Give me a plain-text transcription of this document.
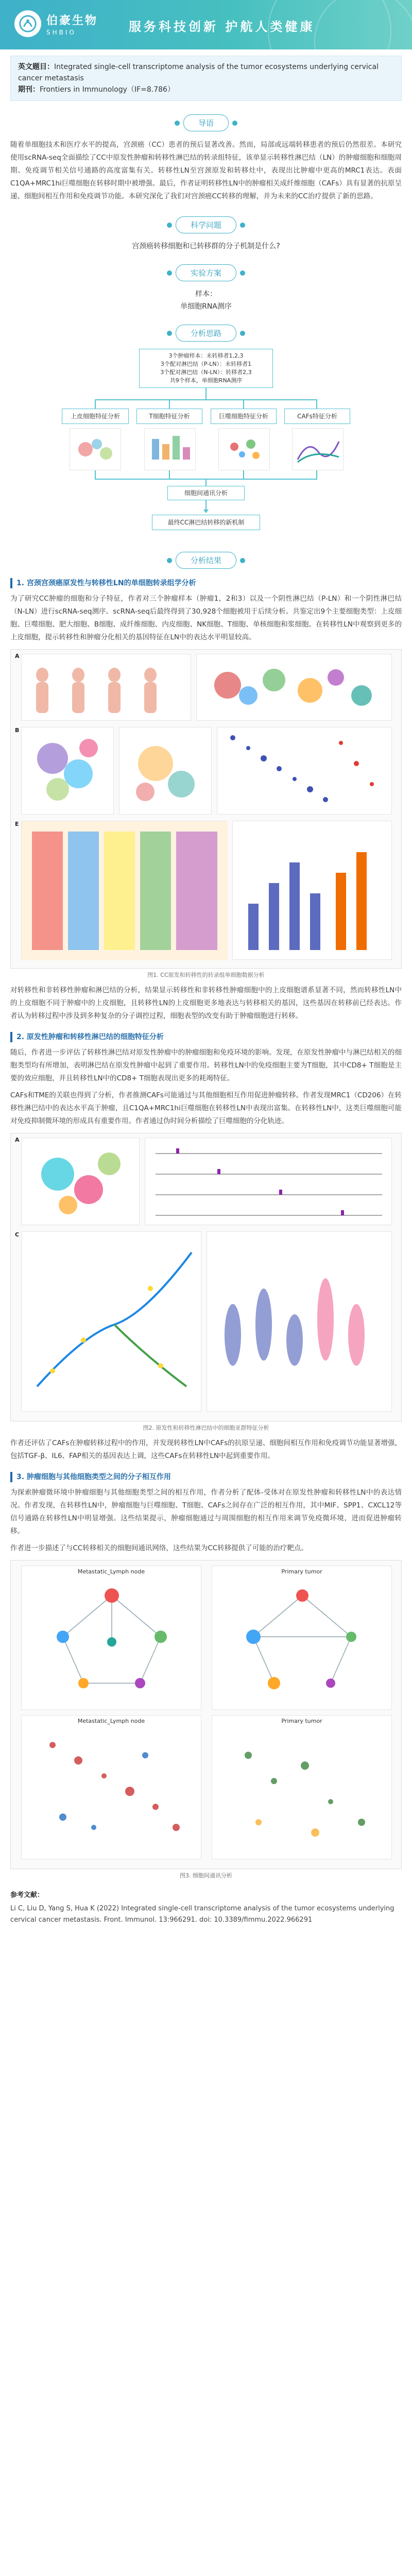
伯豪生物
SHBIO	服务科技创新 护航人类健康
英文题目：Integrated single-cell transcriptome analysis of the tumor ecosystems underlying cervical cancer metastasis
期刊：Frontiers in Immunology（IF=8.786）
导语

随着单细胞技术和医疗水平的提高，宫颈癌（CC）患者的预后显著改善。然而，局部或远端转移患者的预后仍然很差。本研究使用scRNA-seq全面描绘了CC中原发性肿瘤和转移性淋巴结的转录组特征，该单显示转移性淋巴结（LN）的肿瘤细胞和细胞周期、免疫调节相关信号通路的高度富集有关。转移性LN至宫颈原发和转移灶中，表现出比肿瘤中更高的MRC1表达。表面C1QA+MRC1hi巨噬细胞在转移时期中被增强。最后，作者证明转移性LN中的肿瘤相关成纤维细胞（CAFs）具有显著的抗原呈递、细胞间相互作用和免疫调节功能。本研究深化了我们对宫颈癌CC转移的理解，并为未来的CC治疗提供了新的思路。

科学问题
宫颈癌转移细胞和已转移群的分子机制是什么?
实验方案
样本：
单细胞RNA测序
分析思路
3个肿瘤样本：未转移者1,2,3
3个配对淋巴结（P-LN）：未转移者1
3个配对淋巴结（N-LN）：转移者2,3
共9个样本，单细胞RNA测序
上皮细胞特征分析	T细胞特征分析	巨噬细胞特征分析	CAFs特征分析
细胞间通讯分析
最终CC淋巴结转移的新机制
分析结果
1. 宫颈宫颈癌原发性与转移性LN的单细胞转录组学分析

为了研究CC肿瘤的细胞和分子特征，作者对三个肿瘤样本（肿瘤1，2和3）以及一个阴性淋巴结（P-LN）和一个阴性淋巴结（N-LN）进行scRNA-seq测序。scRNA-seq后最终得到了30,928个细胞被用于后续分析。共鉴定出9个主要细胞类型：上皮细胞、巨噬细胞、肥大细胞、B细胞、成纤维细胞、内皮细胞、NK细胞、T细胞、单核细胞和浆细胞。在转移性LN中观察到更多的上皮细胞，提示转移性和肿瘤分化相关的基因特征在LN中的表达水平明显较高。

A
B
E
图1. CC原发和转移性的转录组单细胞数据分析

对转移性和非转移性肿瘤和淋巴结的分析，结果显示转移性和非转移性肿瘤细胞中的上皮细胞谱系显著不同，然而转移性LN中的上皮细胞不同于肿瘤中的上皮细胞，且转移性LN的上皮细胞更多地表达与转移相关的基因，这些基因在转移前已经表达。作者认为转移过程中涉及到多种复杂的分子调控过程，细胞表型的改变有助于肿瘤细胞进行转移。

2. 原发性肿瘤和转移性淋巴结的细胞特征分析

随后，作者进一步评估了转移性淋巴结对原发性肿瘤中的肿瘤细胞和免疫环境的影响。发现，在原发性肿瘤中与淋巴结相关的细胞类型均有所增加，表明淋巴结在原发性肿瘤中起到了重要作用。转移性LN中的免疫细胞主要为T细胞，其中CD8+ T细胞是主要的效应细胞，并且转移性LN中的CD8+ T细胞表现出更多的耗竭特征。

CAFs和TME的关联也得到了分析，作者推测CAFs可能通过与其他细胞相互作用促进肿瘤转移。作者发现MRC1（CD206）在转移性淋巴结中的表达水平高于肿瘤，且C1QA+MRC1hi巨噬细胞在转移性LN中表现出富集。在转移性LN中，这类巨噬细胞可能对免疫抑制微环境的形成具有重要作用。作者通过伪时间分析描绘了巨噬细胞的分化轨迹。

A
C
图2. 原发性和转移性淋巴结中的细胞亚群特征分析

作者还评估了CAFs在肿瘤转移过程中的作用，并发现转移性LN中CAFs的抗原呈递、细胞间相互作用和免疫调节功能显著增强，包括TGF-β、IL6、FAP相关的基因表达上调，这些CAFs在转移性LN中起到重要作用。

3. 肿瘤细胞与其他细胞类型之间的分子相互作用

为探索肿瘤微环境中肿瘤细胞与其他细胞类型之间的相互作用，作者分析了配体-受体对在原发性肿瘤和转移性LN中的表达情况。作者发现，在转移性LN中，肿瘤细胞与巨噬细胞、T细胞、CAFs之间存在广泛的相互作用，其中MIF、SPP1、CXCL12等信号通路在转移性LN中明显增强。这些结果提示，肿瘤细胞通过与周围细胞的相互作用来调节免疫微环境，进而促进肿瘤转移。

作者进一步描述了与CC转移相关的细胞间通讯网络，这些结果为CC转移提供了可能的治疗靶点。

Metastatic_Lymph node	Primary tumor
Metastatic_Lymph node	Primary tumor
图3. 细胞间通讯分析
参考文献：
Li C, Liu D, Yang S, Hua K (2022) Integrated single-cell transcriptome analysis of the tumor ecosystems underlying cervical cancer metastasis. Front. Immunol. 13:966291. doi: 10.3389/fimmu.2022.966291
